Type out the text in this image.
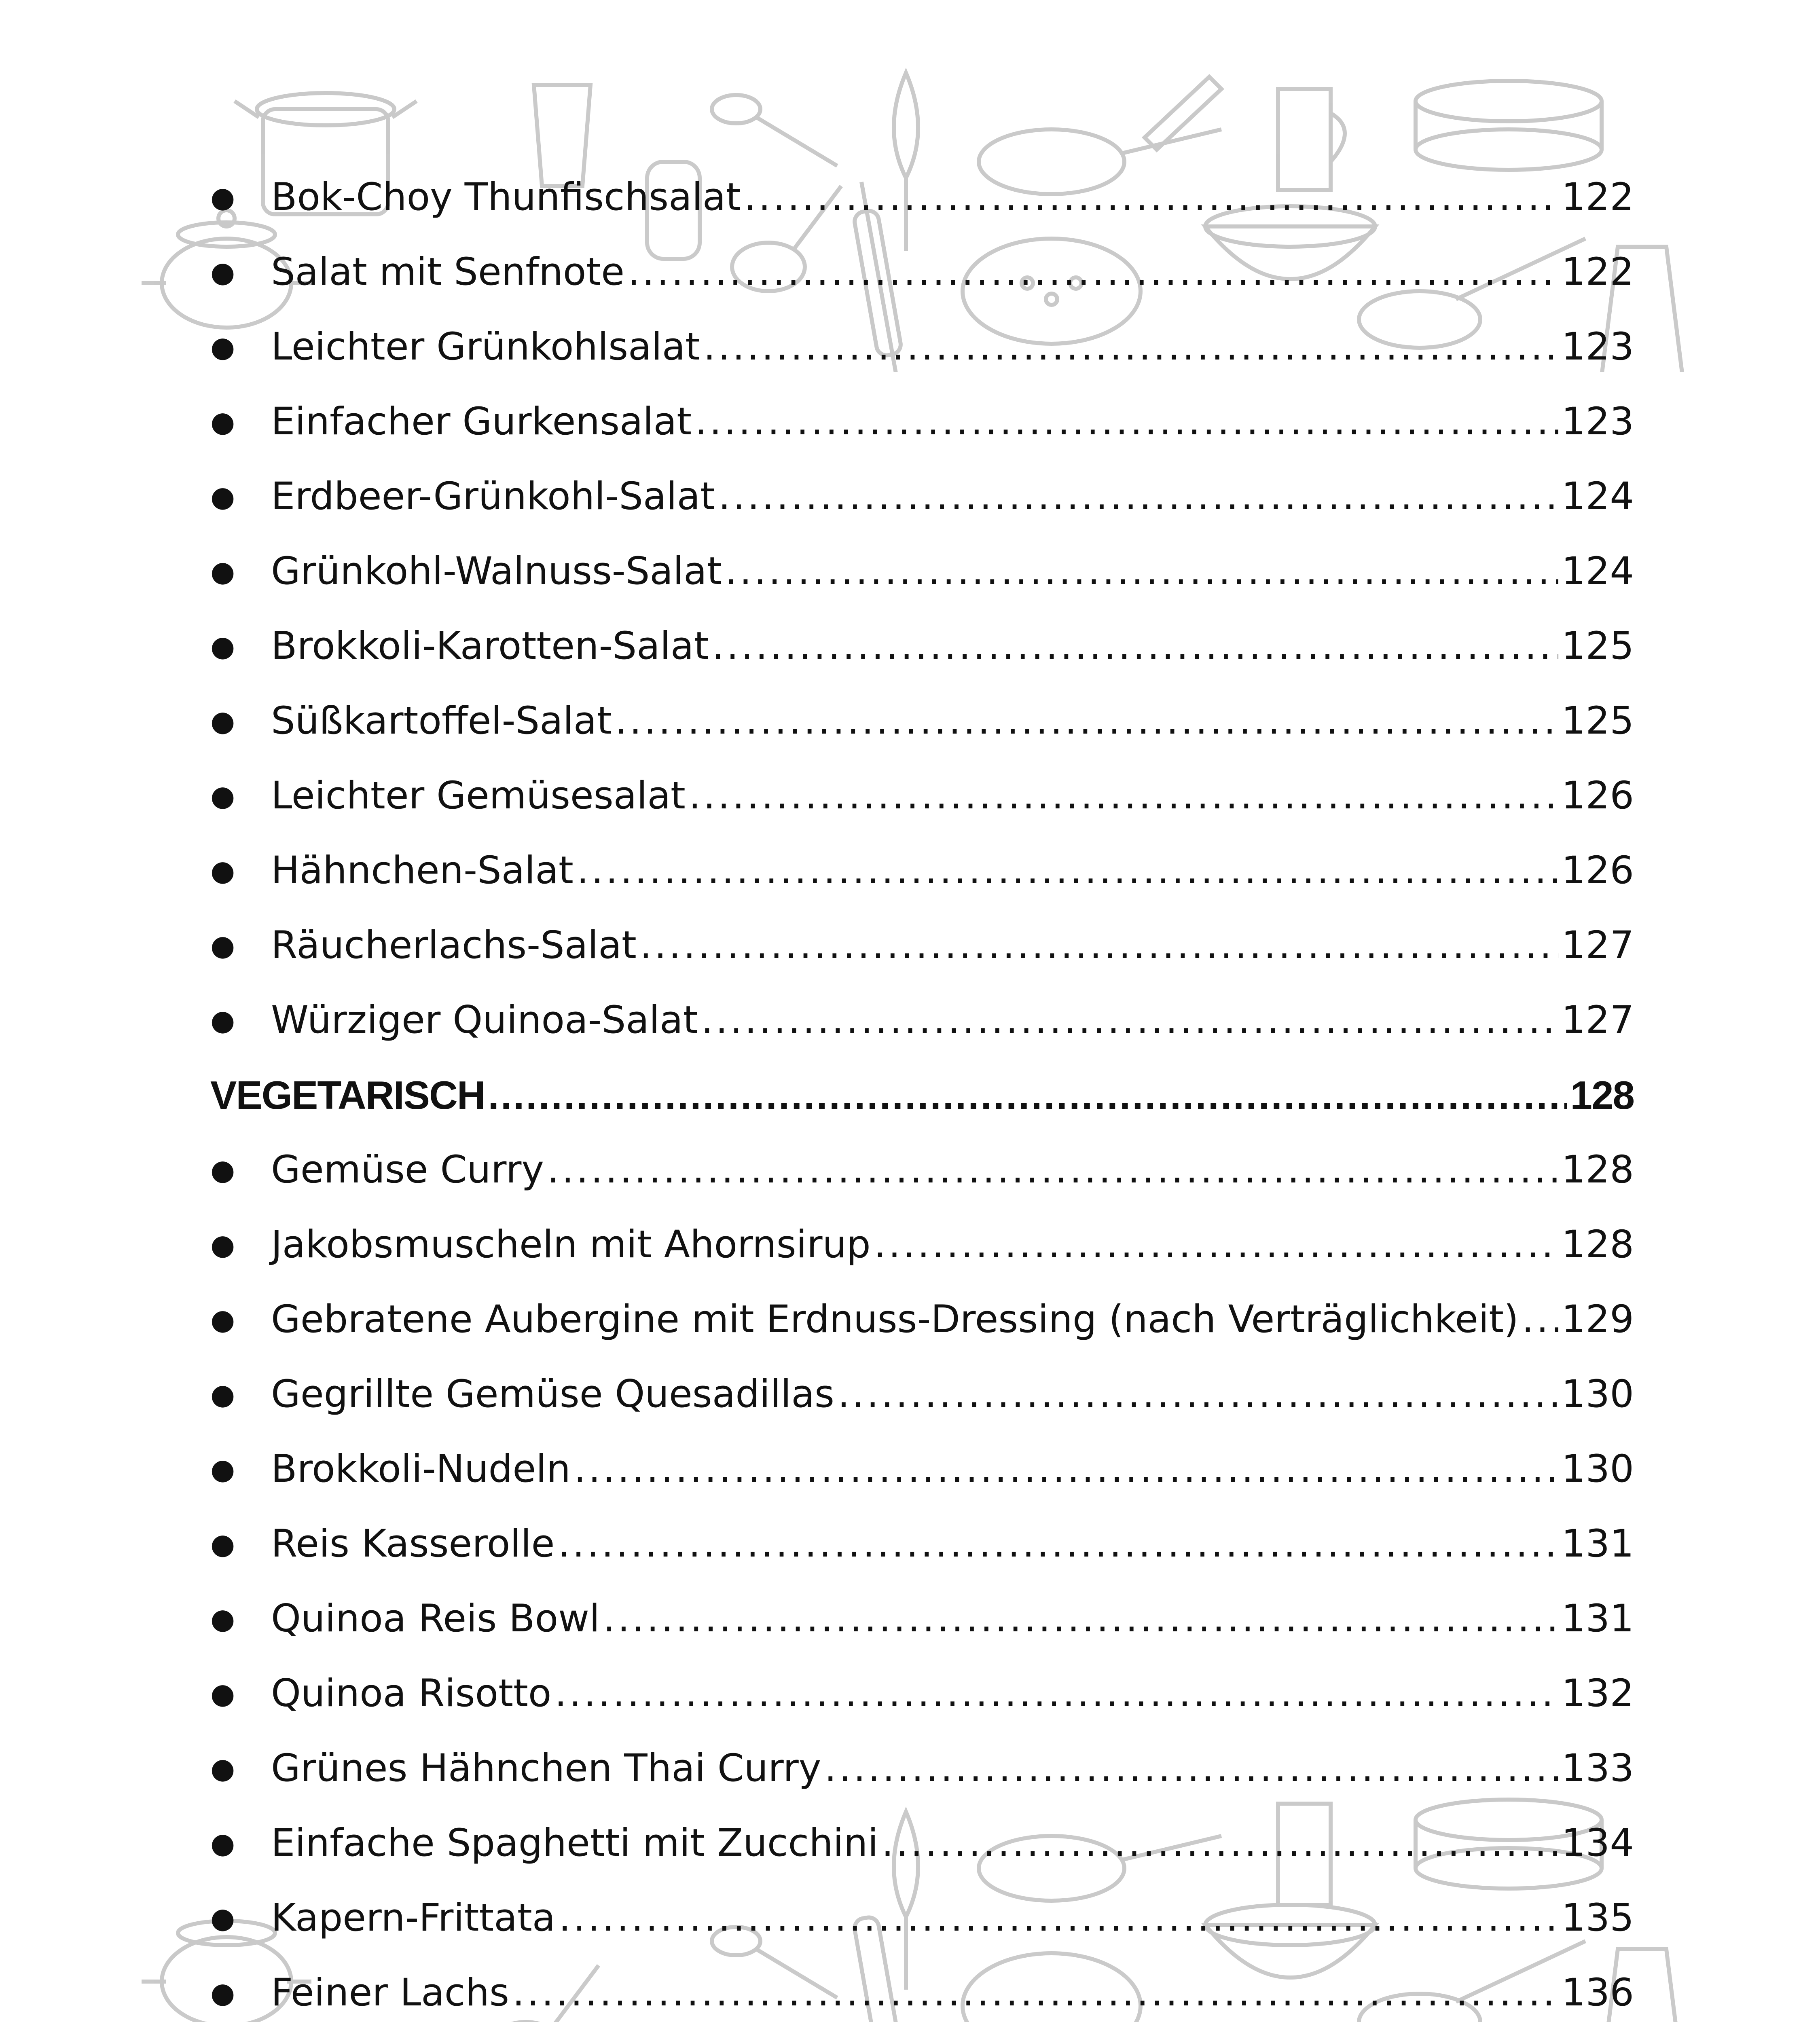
● Bok-Choy Thunfischsalat .....	122
● Salat mit Senfnote .....	122
● Leichter Grünkohlsalat .....	123
● Einfacher Gurkensalat .....	123
● Erdbeer-Grünkohl-Salat .....	124
● Grünkohl-Walnuss-Salat .....	124
● Brokkoli-Karotten-Salat .....	125
● Süßkartoffel-Salat .....	125
● Leichter Gemüsesalat .....	126
● Hähnchen-Salat .....	126
● Räucherlachs-Salat .....	127
● Würziger Quinoa-Salat .....	127
VEGETARISCH .....	128
● Gemüse Curry .....	128
● Jakobsmuscheln mit Ahornsirup .....	128
● Gebratene Aubergine mit Erdnuss-Dressing (nach Verträglichkeit) ..... 129
● Gegrillte Gemüse Quesadillas .....	130
● Brokkoli-Nudeln .....	130
● Reis Kasserolle .....	131
● Quinoa Reis Bowl .....	131
● Quinoa Risotto .....	132
● Grünes Hähnchen Thai Curry .....	133
● Einfache Spaghetti mit Zucchini .....	134
● Kapern-Frittata .....	135
● Feiner Lachs .....	136
